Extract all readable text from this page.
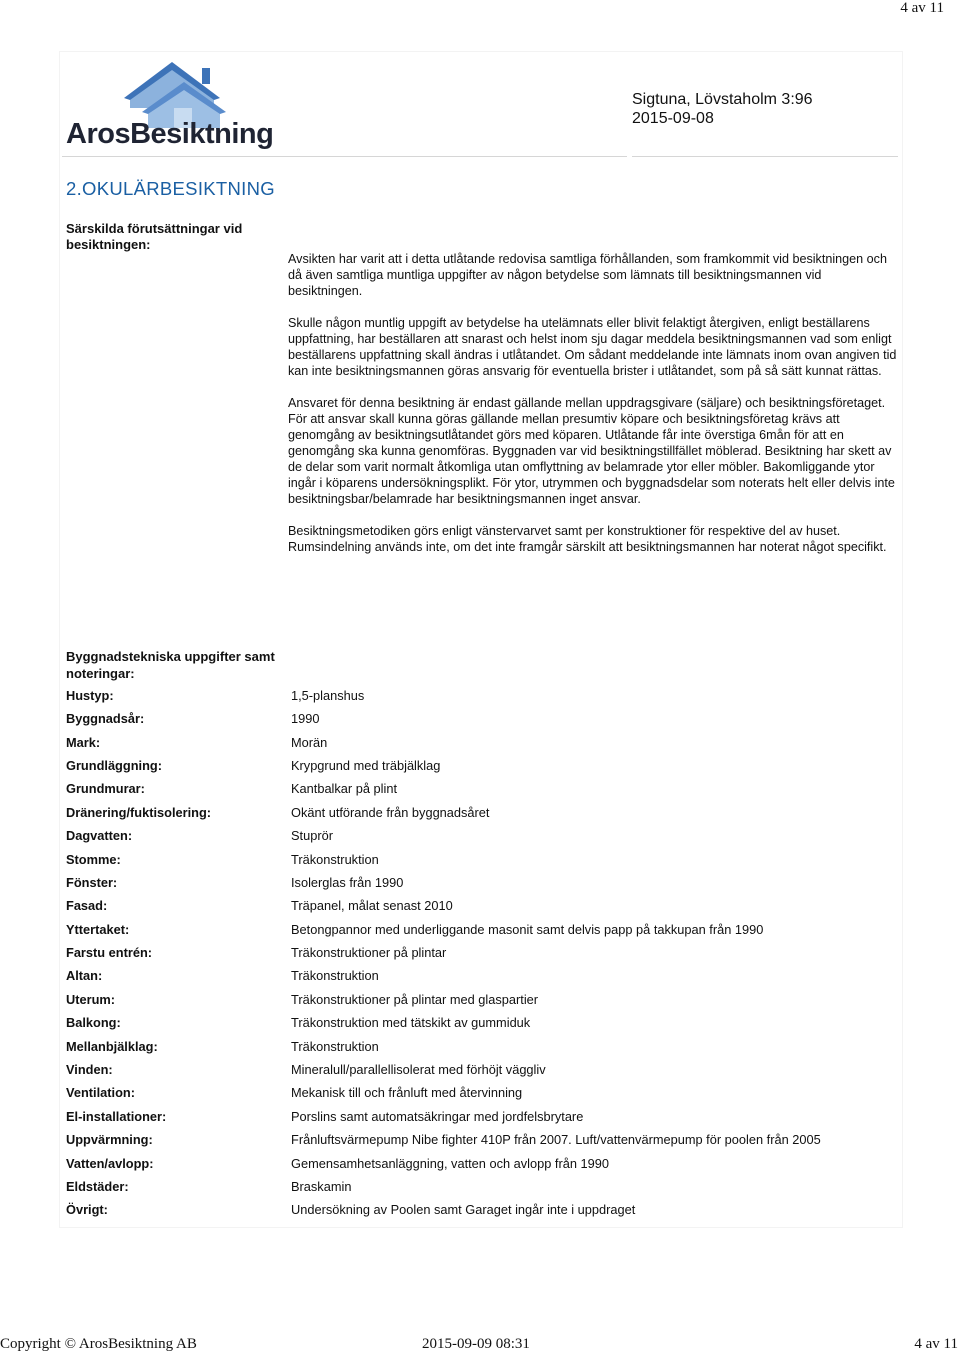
4 av 11
ArosBesiktning
Sigtuna, Lövstaholm 3:96
2015-09-08
2.OKULÄRBESIKTNING
Särskilda förutsättningar vid besiktningen:

Avsikten har varit att i detta utlåtande redovisa samtliga förhållanden, som framkommit vid besiktningen och då även samtliga muntliga uppgifter av någon betydelse som lämnats till besiktningsmannen vid besiktningen.

Skulle någon muntlig uppgift av betydelse ha utelämnats eller blivit felaktigt återgiven, enligt beställarens uppfattning, har beställaren att snarast och helst inom sju dagar meddela besiktningsmannen vad som enligt beställarens uppfattning skall ändras i utlåtandet. Om sådant meddelande inte lämnats inom ovan angiven tid kan inte besiktningsmannen göras ansvarig för eventuella brister i utlåtandet, som på så sätt kunnat rättas.

Ansvaret för denna besiktning är endast gällande mellan uppdragsgivare (säljare) och besiktningsföretaget. För att ansvar skall kunna göras gällande mellan presumtiv köpare och besiktningsföretag krävs att genomgång av besiktningsutlåtandet görs med köparen. Utlåtande får inte överstiga 6mån för att en genomgång ska kunna genomföras. Byggnaden var vid besiktningstillfället möblerad. Besiktning har skett av de delar som varit normalt åtkomliga utan omflyttning av belamrade ytor eller möbler. Bakomliggande ytor ingår i köparens undersökningsplikt. För ytor, utrymmen och byggnadsdelar som noterats helt eller delvis inte besiktningsbar/belamrade har besiktningsmannen inget ansvar.

Besiktningsmetodiken görs enligt vänstervarvet samt per konstruktioner för respektive del av huset. Rumsindelning används inte, om det inte framgår särskilt att besiktningsmannen har noterat något specifikt.

Byggnadstekniska uppgifter samt noteringar:
Hustyp:	1,5-planshus
Byggnadsår:	1990
Mark:	Morän
Grundläggning:	Krypgrund med träbjälklag
Grundmurar:	Kantbalkar på plint
Dränering/fuktisolering:	Okänt utförande från byggnadsåret
Dagvatten:	Stuprör
Stomme:	Träkonstruktion
Fönster:	Isolerglas från 1990
Fasad:	Träpanel, målat senast 2010
Yttertaket:	Betongpannor med underliggande masonit samt delvis papp på takkupan från 1990
Farstu entrén:	Träkonstruktioner på plintar
Altan:	Träkonstruktion
Uterum:	Träkonstruktioner på plintar med glaspartier
Balkong:	Träkonstruktion med tätskikt av gummiduk
Mellanbjälklag:	Träkonstruktion
Vinden:	Mineralull/parallellisolerat med förhöjt väggliv
Ventilation:	Mekanisk till och frånluft med återvinning
El-installationer:	Porslins samt automatsäkringar med jordfelsbrytare
Uppvärmning:	Frånluftsvärmepump Nibe fighter 410P från 2007. Luft/vattenvärmepump för poolen från 2005
Vatten/avlopp:	Gemensamhetsanläggning, vatten och avlopp från 1990
Eldstäder:	Braskamin
Övrigt:	Undersökning av Poolen samt Garaget ingår inte i uppdraget
Copyright © ArosBesiktning AB	2015-09-09 08:31	4 av 11
